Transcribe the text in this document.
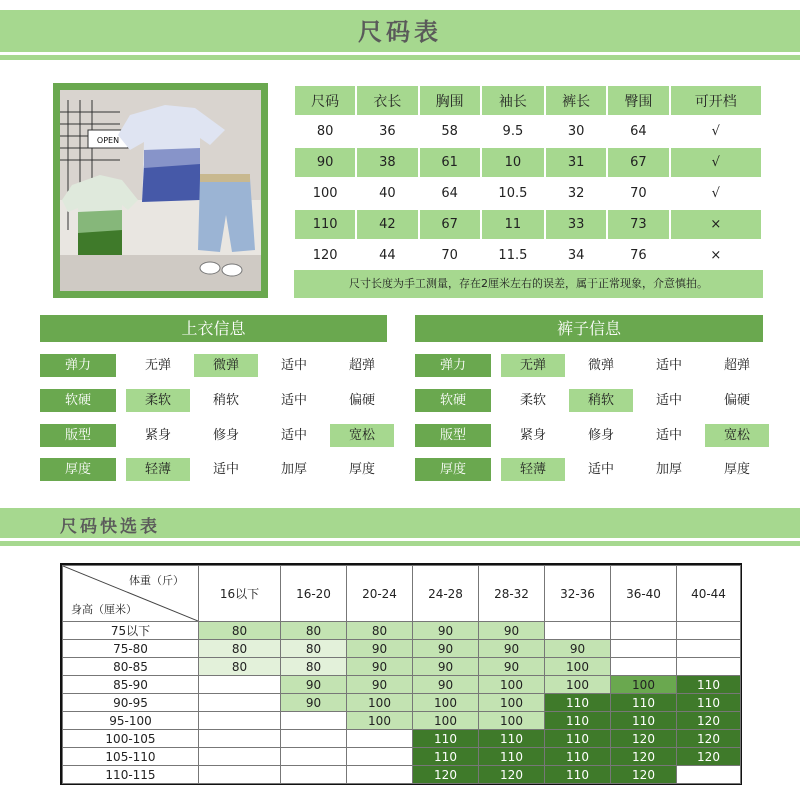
尺码表
OPEN
尺码	衣长	胸围	袖长	裤长	臀围	可开档
80	36	58	9.5	30	64	√
90	38	61	10	31	67	√
100	40	64	10.5	32	70	√
110	42	67	11	33	73	×
120	44	70	11.5	34	76	×
尺寸长度为手工测量，存在2厘米左右的误差，属于正常现象，介意慎拍。
上衣信息
弹力	无弹	微弹	适中	超弹
软硬	柔软	稍软	适中	偏硬
版型	紧身	修身	适中	宽松
厚度	轻薄	适中	加厚	厚度
裤子信息
弹力	无弹	微弹	适中	超弹
软硬	柔软	稍软	适中	偏硬
版型	紧身	修身	适中	宽松
厚度	轻薄	适中	加厚	厚度
尺码快选表
体重（斤）
身高（厘米）	16以下	16-20	20-24	24-28	28-32	32-36	36-40	40-44
75以下	80	80	80	90	90			
75-80	80	80	90	90	90	90		
80-85	80	80	90	90	90	100		
85-90		90	90	90	100	100	100	110
90-95		90	100	100	100	110	110	110
95-100			100	100	100	110	110	120
100-105				110	110	110	120	120
105-110				110	110	110	120	120
110-115				120	120	110	120	
